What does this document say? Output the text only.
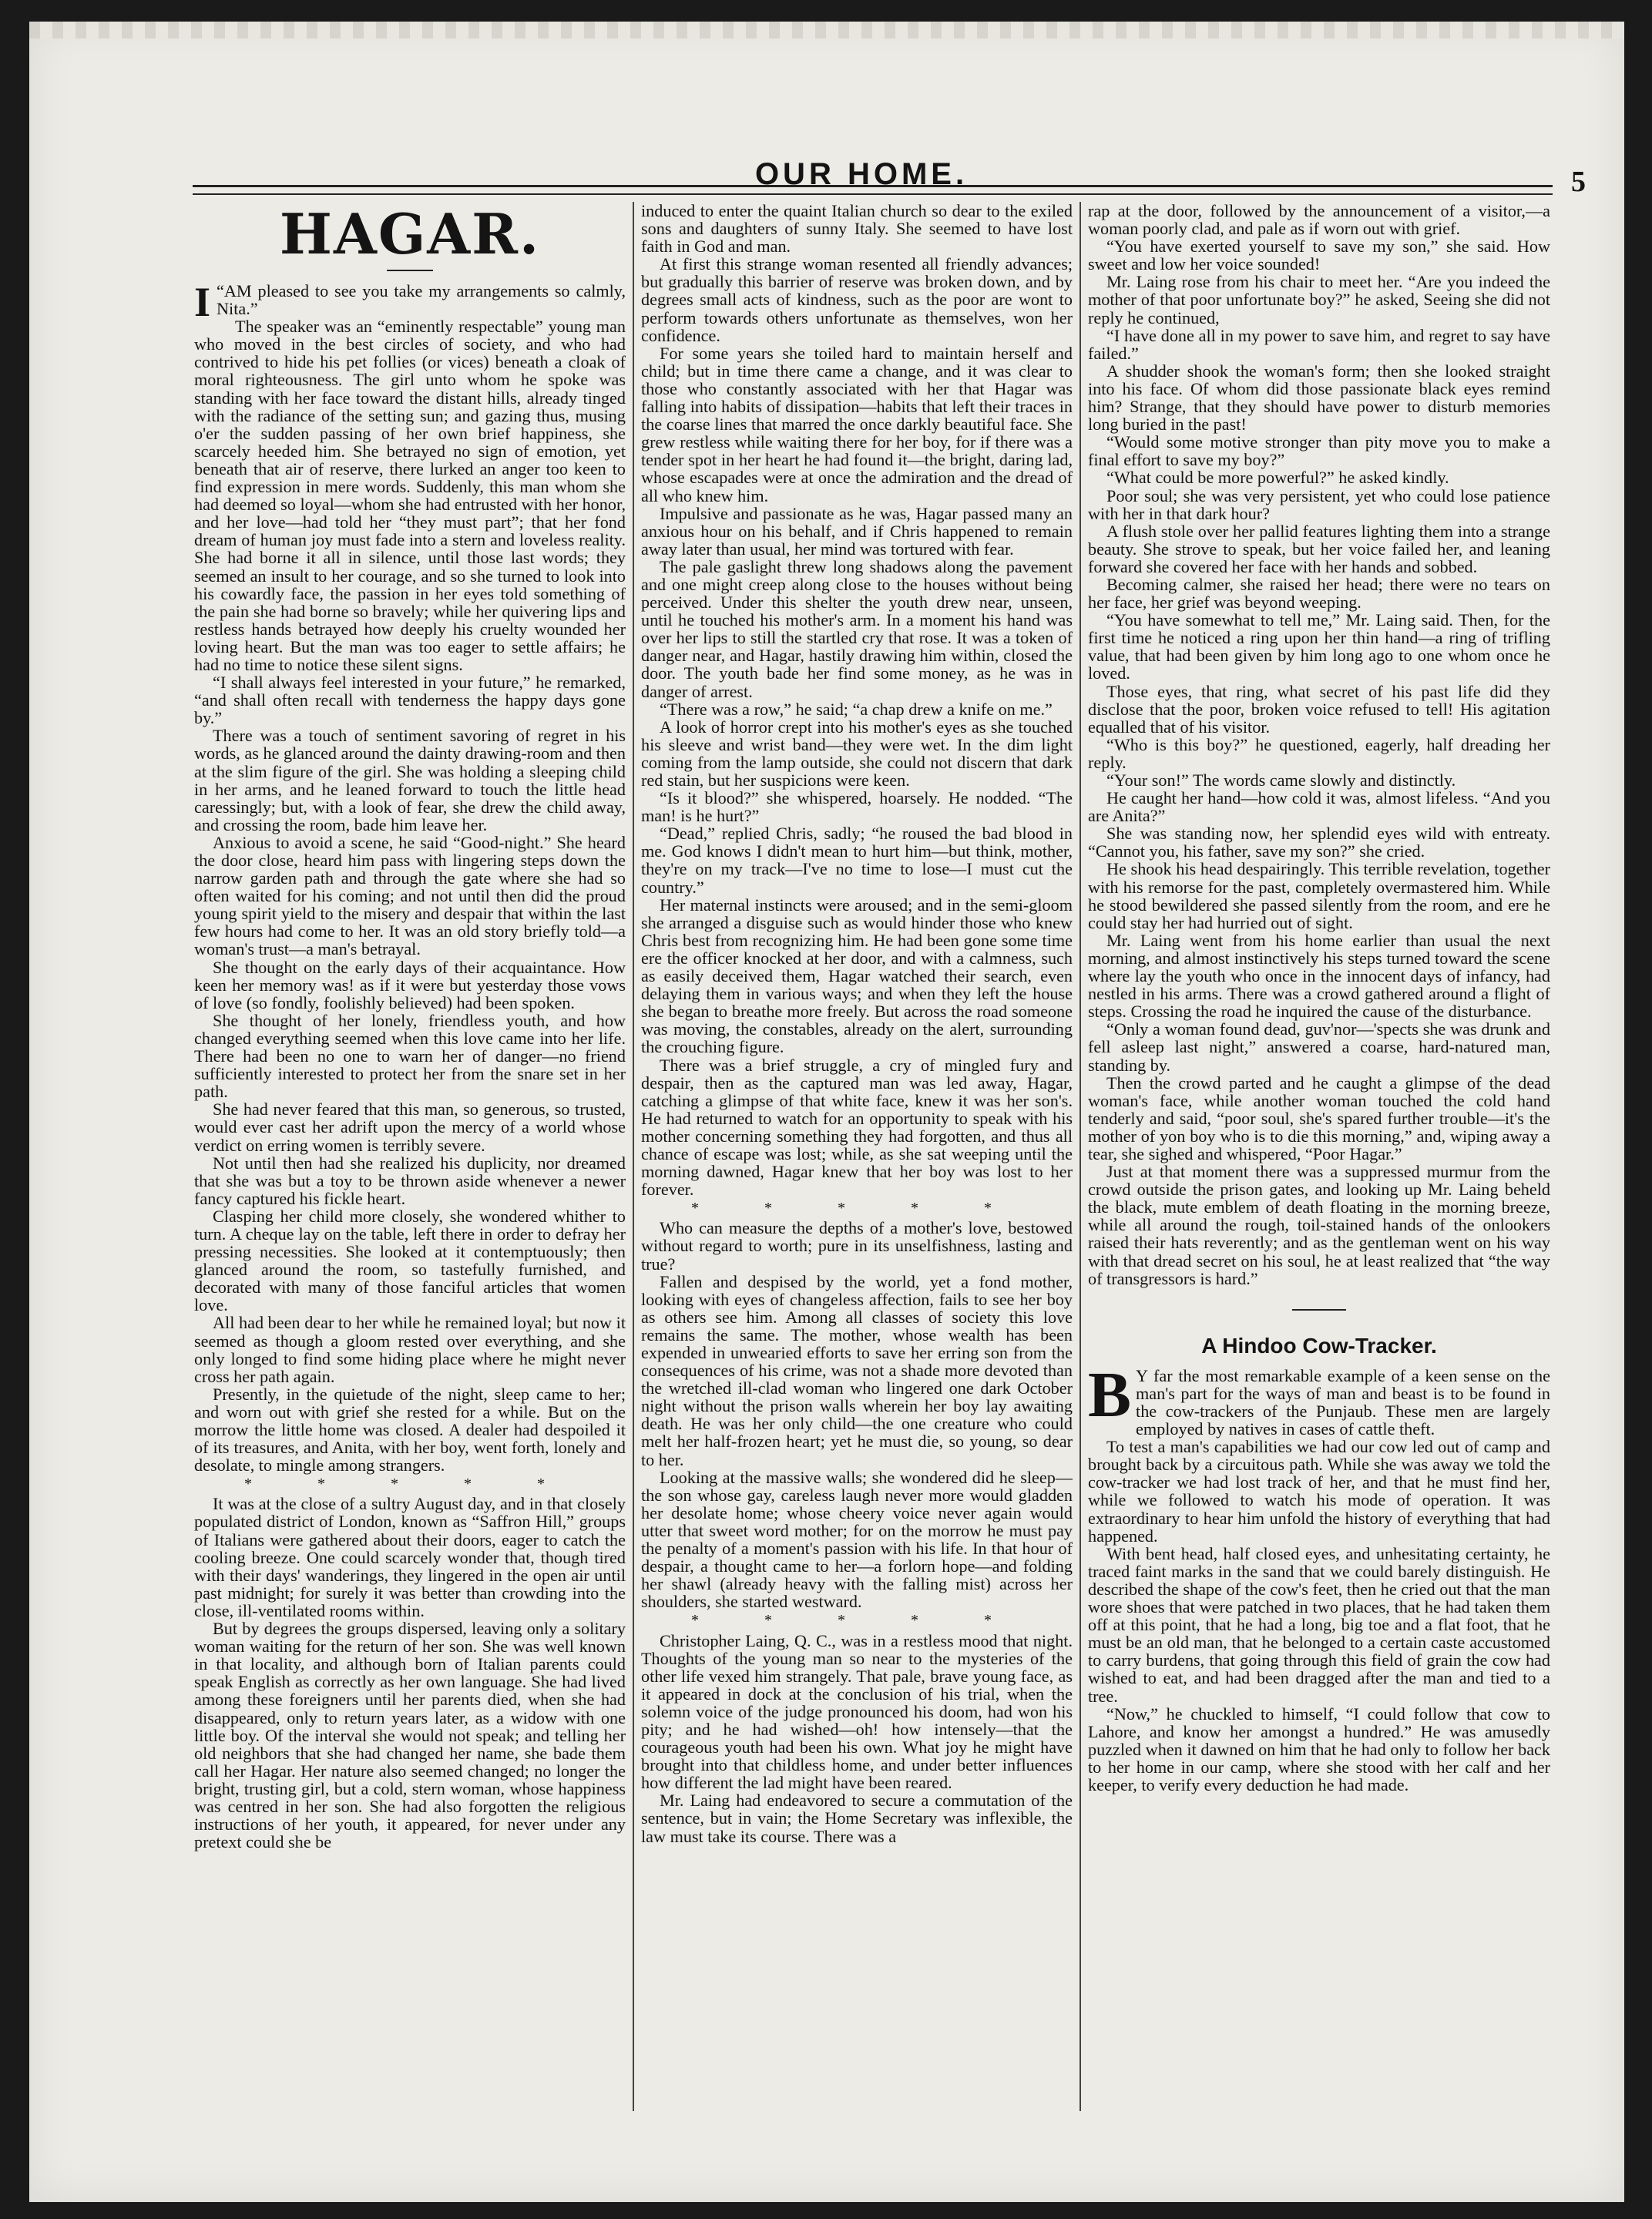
OUR HOME.	5
HAGAR.

“
I AM pleased to see you take my arrangements so calmly, Nita.”

The speaker was an “eminently respectable” young man who moved in the best circles of society, and who had contrived to hide his pet follies (or vices) beneath a cloak of moral righteousness. The girl unto whom he spoke was standing with her face toward the distant hills, already tinged with the radiance of the setting sun; and gazing thus, musing o'er the sudden passing of her own brief happiness, she scarcely heeded him. She betrayed no sign of emotion, yet beneath that air of reserve, there lurked an anger too keen to find expression in mere words. Suddenly, this man whom she had deemed so loyal—whom she had entrusted with her honor, and her love—had told her “they must part”; that her fond dream of human joy must fade into a stern and loveless reality. She had borne it all in silence, until those last words; they seemed an insult to her courage, and so she turned to look into his cowardly face, the passion in her eyes told something of the pain she had borne so bravely; while her quivering lips and restless hands betrayed how deeply his cruelty wounded her loving heart. But the man was too eager to settle affairs; he had no time to notice these silent signs.

“I shall always feel interested in your future,” he remarked, “and shall often recall with tenderness the happy days gone by.”

There was a touch of sentiment savoring of regret in his words, as he glanced around the dainty drawing-room and then at the slim figure of the girl. She was holding a sleeping child in her arms, and he leaned forward to touch the little head caressingly; but, with a look of fear, she drew the child away, and crossing the room, bade him leave her.

Anxious to avoid a scene, he said “Good-night.” She heard the door close, heard him pass with lingering steps down the narrow garden path and through the gate where she had so often waited for his coming; and not until then did the proud young spirit yield to the misery and despair that within the last few hours had come to her. It was an old story briefly told—a woman's trust—a man's betrayal.

She thought on the early days of their acquaintance. How keen her memory was! as if it were but yesterday those vows of love (so fondly, foolishly believed) had been spoken.

She thought of her lonely, friendless youth, and how changed everything seemed when this love came into her life. There had been no one to warn her of danger—no friend sufficiently interested to protect her from the snare set in her path.

She had never feared that this man, so generous, so trusted, would ever cast her adrift upon the mercy of a world whose verdict on erring women is terribly severe.

Not until then had she realized his duplicity, nor dreamed that she was but a toy to be thrown aside whenever a newer fancy captured his fickle heart.

Clasping her child more closely, she wondered whither to turn. A cheque lay on the table, left there in order to defray her pressing necessities. She looked at it contemptuously; then glanced around the room, so tastefully furnished, and decorated with many of those fanciful articles that women love.

All had been dear to her while he remained loyal; but now it seemed as though a gloom rested over everything, and she only longed to find some hiding place where he might never cross her path again.

Presently, in the quietude of the night, sleep came to her; and worn out with grief she rested for a while. But on the morrow the little home was closed. A dealer had despoiled it of its treasures, and Anita, with her boy, went forth, lonely and desolate, to mingle among strangers.

* * * * *

It was at the close of a sultry August day, and in that closely populated district of London, known as “Saffron Hill,” groups of Italians were gathered about their doors, eager to catch the cooling breeze. One could scarcely wonder that, though tired with their days' wanderings, they lingered in the open air until past midnight; for surely it was better than crowding into the close, ill-ventilated rooms within.

But by degrees the groups dispersed, leaving only a solitary woman waiting for the return of her son. She was well known in that locality, and although born of Italian parents could speak English as correctly as her own language. She had lived among these foreigners until her parents died, when she had disappeared, only to return years later, as a widow with one little boy. Of the interval she would not speak; and telling her old neighbors that she had changed her name, she bade them call her Hagar. Her nature also seemed changed; no longer the bright, trusting girl, but a cold, stern woman, whose happiness was centred in her son. She had also forgotten the religious instructions of her youth, it appeared, for never under any pretext could she be

induced to enter the quaint Italian church so dear to the exiled sons and daughters of sunny Italy. She seemed to have lost faith in God and man.

At first this strange woman resented all friendly advances; but gradually this barrier of reserve was broken down, and by degrees small acts of kindness, such as the poor are wont to perform towards others unfortunate as themselves, won her confidence.

For some years she toiled hard to maintain herself and child; but in time there came a change, and it was clear to those who constantly associated with her that Hagar was falling into habits of dissipation—habits that left their traces in the coarse lines that marred the once darkly beautiful face. She grew restless while waiting there for her boy, for if there was a tender spot in her heart he had found it—the bright, daring lad, whose escapades were at once the admiration and the dread of all who knew him.

Impulsive and passionate as he was, Hagar passed many an anxious hour on his behalf, and if Chris happened to remain away later than usual, her mind was tortured with fear.

The pale gaslight threw long shadows along the pavement and one might creep along close to the houses without being perceived. Under this shelter the youth drew near, unseen, until he touched his mother's arm. In a moment his hand was over her lips to still the startled cry that rose. It was a token of danger near, and Hagar, hastily drawing him within, closed the door. The youth bade her find some money, as he was in danger of arrest.

“There was a row,” he said; “a chap drew a knife on me.”

A look of horror crept into his mother's eyes as she touched his sleeve and wrist band—they were wet. In the dim light coming from the lamp outside, she could not discern that dark red stain, but her suspicions were keen.

“Is it blood?” she whispered, hoarsely. He nodded. “The man! is he hurt?”

“Dead,” replied Chris, sadly; “he roused the bad blood in me. God knows I didn't mean to hurt him—but think, mother, they're on my track—I've no time to lose—I must cut the country.”

Her maternal instincts were aroused; and in the semi-gloom she arranged a disguise such as would hinder those who knew Chris best from recognizing him. He had been gone some time ere the officer knocked at her door, and with a calmness, such as easily deceived them, Hagar watched their search, even delaying them in various ways; and when they left the house she began to breathe more freely. But across the road someone was moving, the constables, already on the alert, surrounding the crouching figure.

There was a brief struggle, a cry of mingled fury and despair, then as the captured man was led away, Hagar, catching a glimpse of that white face, knew it was her son's. He had returned to watch for an opportunity to speak with his mother concerning something they had forgotten, and thus all chance of escape was lost; while, as she sat weeping until the morning dawned, Hagar knew that her boy was lost to her forever.

* * * * *

Who can measure the depths of a mother's love, bestowed without regard to worth; pure in its unselfishness, lasting and true?

Fallen and despised by the world, yet a fond mother, looking with eyes of changeless affection, fails to see her boy as others see him. Among all classes of society this love remains the same. The mother, whose wealth has been expended in unwearied efforts to save her erring son from the consequences of his crime, was not a shade more devoted than the wretched ill-clad woman who lingered one dark October night without the prison walls wherein her boy lay awaiting death. He was her only child—the one creature who could melt her half-frozen heart; yet he must die, so young, so dear to her.

Looking at the massive walls; she wondered did he sleep—the son whose gay, careless laugh never more would gladden her desolate home; whose cheery voice never again would utter that sweet word mother; for on the morrow he must pay the penalty of a moment's passion with his life. In that hour of despair, a thought came to her—a forlorn hope—and folding her shawl (already heavy with the falling mist) across her shoulders, she started westward.

* * * * *

Christopher Laing, Q. C., was in a restless mood that night. Thoughts of the young man so near to the mysteries of the other life vexed him strangely. That pale, brave young face, as it appeared in dock at the conclusion of his trial, when the solemn voice of the judge pronounced his doom, had won his pity; and he had wished—oh! how intensely—that the courageous youth had been his own. What joy he might have brought into that childless home, and under better influences how different the lad might have been reared.

Mr. Laing had endeavored to secure a commutation of the sentence, but in vain; the Home Secretary was inflexible, the law must take its course. There was a

rap at the door, followed by the announcement of a visitor,—a woman poorly clad, and pale as if worn out with grief.

“You have exerted yourself to save my son,” she said. How sweet and low her voice sounded!

Mr. Laing rose from his chair to meet her. “Are you indeed the mother of that poor unfortunate boy?” he asked, Seeing she did not reply he continued,

“I have done all in my power to save him, and regret to say have failed.”

A shudder shook the woman's form; then she looked straight into his face. Of whom did those passionate black eyes remind him? Strange, that they should have power to disturb memories long buried in the past!

“Would some motive stronger than pity move you to make a final effort to save my boy?”

“What could be more powerful?” he asked kindly.

Poor soul; she was very persistent, yet who could lose patience with her in that dark hour?

A flush stole over her pallid features lighting them into a strange beauty. She strove to speak, but her voice failed her, and leaning forward she covered her face with her hands and sobbed.

Becoming calmer, she raised her head; there were no tears on her face, her grief was beyond weeping.

“You have somewhat to tell me,” Mr. Laing said. Then, for the first time he noticed a ring upon her thin hand—a ring of trifling value, that had been given by him long ago to one whom once he loved.

Those eyes, that ring, what secret of his past life did they disclose that the poor, broken voice refused to tell! His agitation equalled that of his visitor.

“Who is this boy?” he questioned, eagerly, half dreading her reply.

“Your son!” The words came slowly and distinctly.

He caught her hand—how cold it was, almost lifeless. “And you are Anita?”

She was standing now, her splendid eyes wild with entreaty. “Cannot you, his father, save my son?” she cried.

He shook his head despairingly. This terrible revelation, together with his remorse for the past, completely overmastered him. While he stood bewildered she passed silently from the room, and ere he could stay her had hurried out of sight.

Mr. Laing went from his home earlier than usual the next morning, and almost instinctively his steps turned toward the scene where lay the youth who once in the innocent days of infancy, had nestled in his arms. There was a crowd gathered around a flight of steps. Crossing the road he inquired the cause of the disturbance.

“Only a woman found dead, guv'nor—'spects she was drunk and fell asleep last night,” answered a coarse, hard-natured man, standing by.

Then the crowd parted and he caught a glimpse of the dead woman's face, while another woman touched the cold hand tenderly and said, “poor soul, she's spared further trouble—it's the mother of yon boy who is to die this morning,” and, wiping away a tear, she sighed and whispered, “Poor Hagar.”

Just at that moment there was a suppressed murmur from the crowd outside the prison gates, and looking up Mr. Laing beheld the black, mute emblem of death floating in the morning breeze, while all around the rough, toil-stained hands of the onlookers raised their hats reverently; and as the gentleman went on his way with that dread secret on his soul, he at least realized that “the way of transgressors is hard.”

A Hindoo Cow-Tracker.

B Y far the most remarkable example of a keen sense on the man's part for the ways of man and beast is to be found in the cow-trackers of the Punjaub. These men are largely employed by natives in cases of cattle theft.

To test a man's capabilities we had our cow led out of camp and brought back by a circuitous path. While she was away we told the cow-tracker we had lost track of her, and that he must find her, while we followed to watch his mode of operation. It was extraordinary to hear him unfold the history of everything that had happened.

With bent head, half closed eyes, and unhesitating certainty, he traced faint marks in the sand that we could barely distinguish. He described the shape of the cow's feet, then he cried out that the man wore shoes that were patched in two places, that he had taken them off at this point, that he had a long, big toe and a flat foot, that he must be an old man, that he belonged to a certain caste accustomed to carry burdens, that going through this field of grain the cow had wished to eat, and had been dragged after the man and tied to a tree.

“Now,” he chuckled to himself, “I could follow that cow to Lahore, and know her amongst a hundred.” He was amusedly puzzled when it dawned on him that he had only to follow her back to her home in our camp, where she stood with her calf and her keeper, to verify every deduction he had made.
